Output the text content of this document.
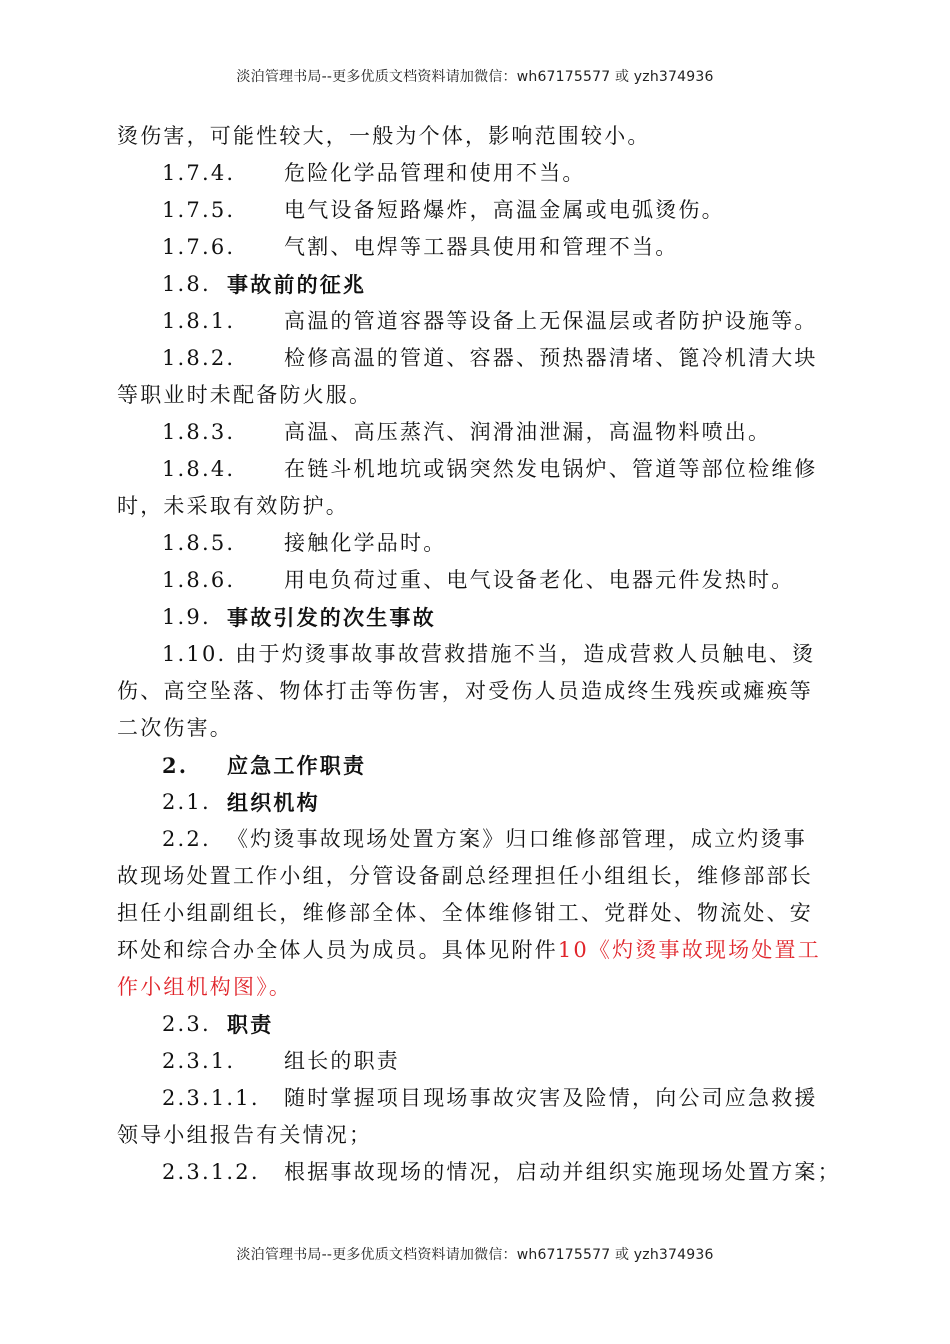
淡泊管理书局--更多优质文档资料请加微信：wh67175577 或 yzh374936
烫伤害，可能性较大，一般为个体，影响范围较小。
1.7.4. 危险化学品管理和使用不当。
1.7.5. 电气设备短路爆炸，高温金属或电弧烫伤。
1.7.6. 气割、电焊等工器具使用和管理不当。
1.8. 事故前的征兆
1.8.1. 高温的管道容器等设备上无保温层或者防护设施等。
1.8.2. 检修高温的管道、容器、预热器清堵、篦冷机清大块
等职业时未配备防火服。
1.8.3. 高温、高压蒸汽、润滑油泄漏，高温物料喷出。
1.8.4. 在链斗机地坑或锅突然发电锅炉、管道等部位检维修
时，未采取有效防护。
1.8.5. 接触化学品时。
1.8.6. 用电负荷过重、电气设备老化、电器元件发热时。
1.9. 事故引发的次生事故
1.10. 由于灼烫事故事故营救措施不当，造成营救人员触电、烫
伤、高空坠落、物体打击等伤害，对受伤人员造成终生残疾或瘫痪等
二次伤害。
2. 应急工作职责
2.1. 组织机构
2.2. 《灼烫事故现场处置方案》归口维修部管理，成立灼烫事
故现场处置工作小组，分管设备副总经理担任小组组长，维修部部长
担任小组副组长，维修部全体、全体维修钳工、党群处、物流处、安
环处和综合办全体人员为成员。具体见附件10《灼烫事故现场处置工
作小组机构图》。
2.3. 职责
2.3.1. 组长的职责
2.3.1.1. 随时掌握项目现场事故灾害及险情，向公司应急救援
领导小组报告有关情况；
2.3.1.2. 根据事故现场的情况，启动并组织实施现场处置方案；
淡泊管理书局--更多优质文档资料请加微信：wh67175577 或 yzh374936
